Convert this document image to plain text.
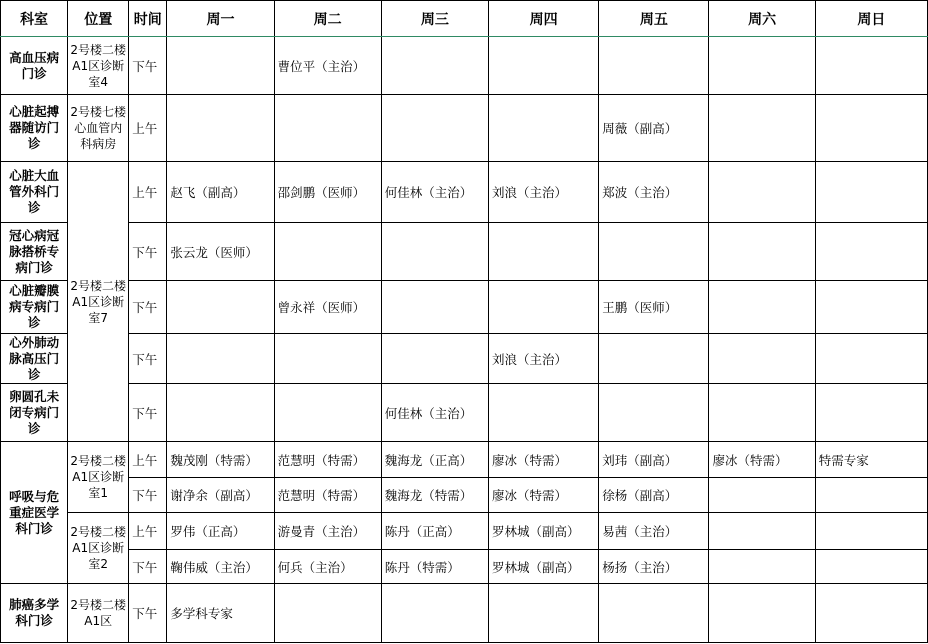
科室	位置	时间	周一	周二	周三	周四	周五	周六	周日
高血压病门诊	2号楼二楼A1区诊断室4	下午		曹位平（主治）					
心脏起搏器随访门诊	2号楼七楼心血管内科病房	上午					周薇（副高）		
心脏大血管外科门诊	2号楼二楼A1区诊断室7	上午	赵飞（副高）	邵剑鹏（医师）	何佳林（主治）	刘浪（主治）	郑波（主治）		
冠心病冠脉搭桥专病门诊		下午	张云龙（医师）						
心脏瓣膜病专病门诊		下午		曾永祥（医师）			王鹏（医师）		
心外肺动脉高压门诊		下午				刘浪（主治）			
卵圆孔未闭专病门诊		下午			何佳林（主治）				
呼吸与危重症医学科门诊	2号楼二楼A1区诊断室1	上午	魏茂刚（特需）	范慧明（特需）	魏海龙（正高）	廖冰（特需）	刘玮（副高）	廖冰（特需）	特需专家
		下午	谢净余（副高）	范慧明（特需）	魏海龙（特需）	廖冰（特需）	徐杨（副高）		
	2号楼二楼A1区诊断室2	上午	罗伟（正高）	游曼青（主治）	陈丹（正高）	罗林城（副高）	易茜（主治）		
		下午	鞠伟威（主治）	何兵（主治）	陈丹（特需）	罗林城（副高）	杨扬（主治）		
肺癌多学科门诊	2号楼二楼A1区	下午	多学科专家						
